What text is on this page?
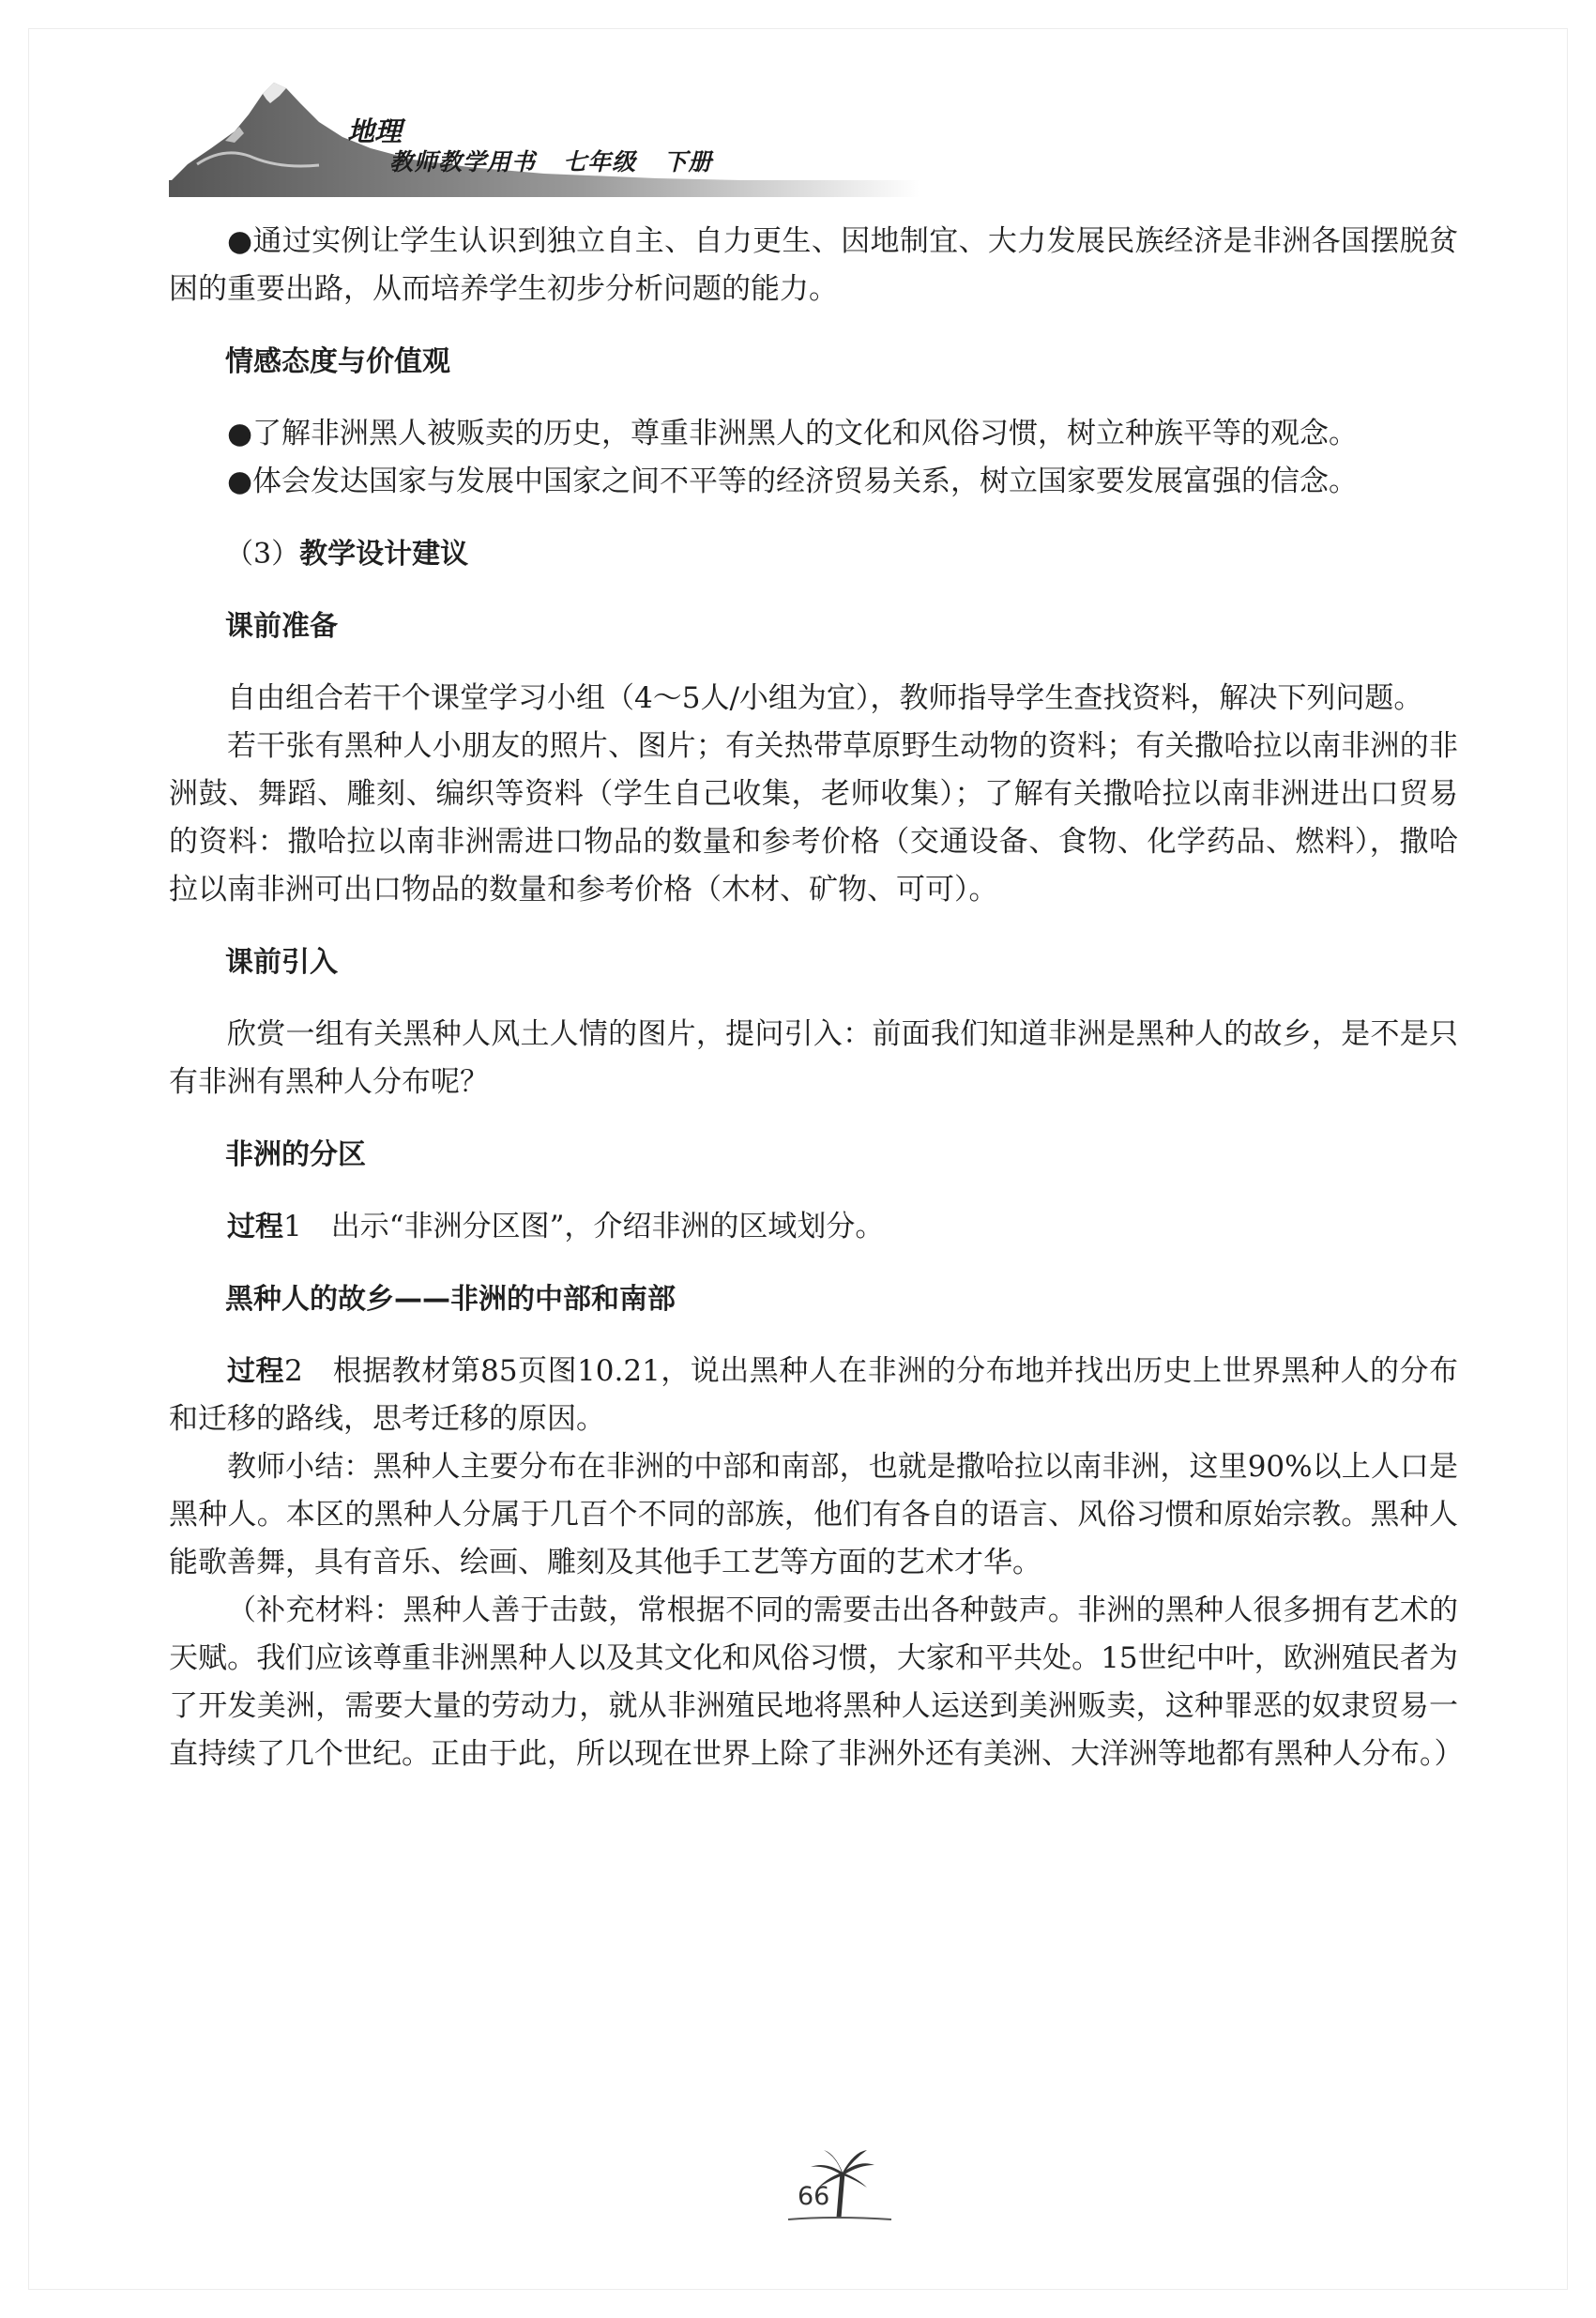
地理
教师教学用书   七年级   下册

●通过实例让学生认识到独立自主、自力更生、因地制宜、大力发展民族经济是非洲各国摆脱贫困的重要出路，从而培养学生初步分析问题的能力。

情感态度与价值观

●了解非洲黑人被贩卖的历史，尊重非洲黑人的文化和风俗习惯，树立种族平等的观念。

●体会发达国家与发展中国家之间不平等的经济贸易关系，树立国家要发展富强的信念。

（3）教学设计建议

课前准备

自由组合若干个课堂学习小组（4～5人/小组为宜），教师指导学生查找资料，解决下列问题。

若干张有黑种人小朋友的照片、图片；有关热带草原野生动物的资料；有关撒哈拉以南非洲的非洲鼓、舞蹈、雕刻、编织等资料（学生自己收集，老师收集）；了解有关撒哈拉以南非洲进出口贸易的资料：撒哈拉以南非洲需进口物品的数量和参考价格（交通设备、食物、化学药品、燃料），撒哈拉以南非洲可出口物品的数量和参考价格（木材、矿物、可可）。

课前引入

欣赏一组有关黑种人风土人情的图片，提问引入：前面我们知道非洲是黑种人的故乡，是不是只有非洲有黑种人分布呢？

非洲的分区

过程1　出示“非洲分区图”，介绍非洲的区域划分。

黑种人的故乡——非洲的中部和南部

过程2　根据教材第85页图10.21，说出黑种人在非洲的分布地并找出历史上世界黑种人的分布和迁移的路线，思考迁移的原因。

教师小结：黑种人主要分布在非洲的中部和南部，也就是撒哈拉以南非洲，这里90%以上人口是黑种人。本区的黑种人分属于几百个不同的部族，他们有各自的语言、风俗习惯和原始宗教。黑种人能歌善舞，具有音乐、绘画、雕刻及其他手工艺等方面的艺术才华。

（补充材料：黑种人善于击鼓，常根据不同的需要击出各种鼓声。非洲的黑种人很多拥有艺术的天赋。我们应该尊重非洲黑种人以及其文化和风俗习惯，大家和平共处。15世纪中叶，欧洲殖民者为了开发美洲，需要大量的劳动力，就从非洲殖民地将黑种人运送到美洲贩卖，这种罪恶的奴隶贸易一直持续了几个世纪。正由于此，所以现在世界上除了非洲外还有美洲、大洋洲等地都有黑种人分布。）

66
